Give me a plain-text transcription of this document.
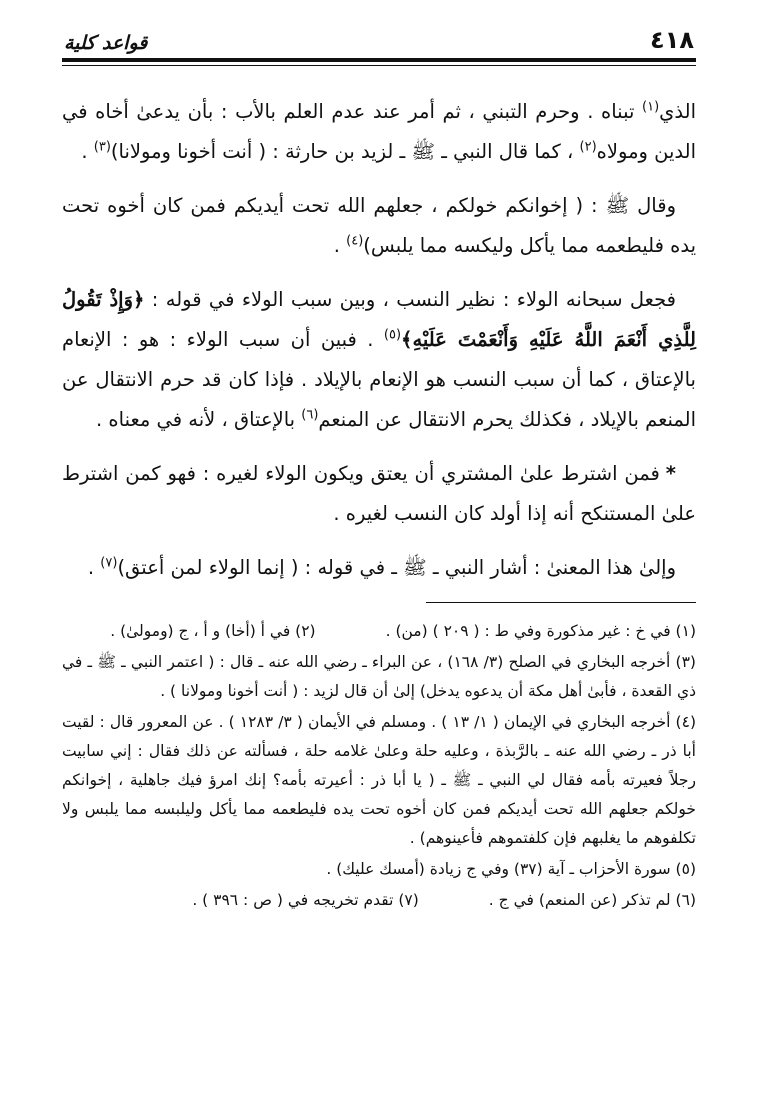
٤١٨
قواعد كلية

الذي$^{(١)}$ تبناه . وحرم التبني ، ثم أمر عند عدم العلم بالأب : بأن يدعىٰ أخاه في الدين ومولاه$^{(٢)}$ ، كما قال النبي ـ ﷺ ـ لزيد بن حارثة : ( أنت أخونا ومولانا)$^{(٣)}$ .

وقال ﷺ : ( إخوانكم خولكم ، جعلهم الله تحت أيديكم فمن كان أخوه تحت يده فليطعمه مما يأكل وليكسه مما يلبس)$^{(٤)}$ .

فجعل سبحانه الولاء : نظير النسب ، وبين سبب الولاء في قوله : ﴿وَإِذْ تَقُولُ لِلَّذِي أَنْعَمَ اللَّهُ عَلَيْهِ وَأَنْعَمْتَ عَلَيْهِ﴾$^{(٥)}$ . فبين أن سبب الولاء : هو : الإنعام بالإعتاق ، كما أن سبب النسب هو الإنعام بالإيلاد . فإذا كان قد حرم الانتقال عن المنعم بالإيلاد ، فكذلك يحرم الانتقال عن المنعم$^{(٦)}$ بالإعتاق ، لأنه في معناه .

*فمن اشترط علىٰ المشتري أن يعتق ويكون الولاء لغيره : فهو كمن اشترط علىٰ المستنكح أنه إذا أولد كان النسب لغيره .

وإلىٰ هذا المعنىٰ : أشار النبي ـ ﷺ ـ في قوله : ( إنما الولاء لمن أعتق)$^{(٧)}$ .

(١) في خ : غير مذكورة وفي ط : ( ٢٠٩ ) (من) .
(٢) في أ (أخا) و أ ، ج (ومولىٰ) .
(٣) أخرجه البخاري في الصلح (٣/ ١٦٨) ، عن البراء ـ رضي الله عنه ـ قال : ( اعتمر النبي ـ ﷺ ـ في ذي القعدة ، فأبىٰ أهل مكة أن يدعوه يدخل) إلىٰ أن قال لزيد : ( أنت أخونا ومولانا ) .
(٤) أخرجه البخاري في الإيمان ( ١/ ١٣ ) . ومسلم في الأيمان ( ٣/ ١٢٨٣ ) . عن المعرور قال : لقيت أبا ذر ـ رضي الله عنه ـ بالرَّبذة ، وعليه حلة وعلىٰ غلامه حلة ، فسألته عن ذلك فقال : إني سابيت رجلاً فعيرته بأمه فقال لي النبي ـ ﷺ ـ ( يا أبا ذر : أعيرته بأمه؟ إنك امرؤ فيك جاهلية ، إخوانكم خولكم جعلهم الله تحت أيديكم فمن كان أخوه تحت يده فليطعمه مما يأكل وليلبسه مما يلبس ولا تكلفوهم ما يغلبهم فإن كلفتموهم فأعينوهم) .
(٥) سورة الأحزاب ـ آية (٣٧) وفي ج زيادة (أمسك عليك) .
(٦) لم تذكر (عن المنعم) في ج .
(٧) تقدم تخريجه في ( ص : ٣٩٦ ) .
